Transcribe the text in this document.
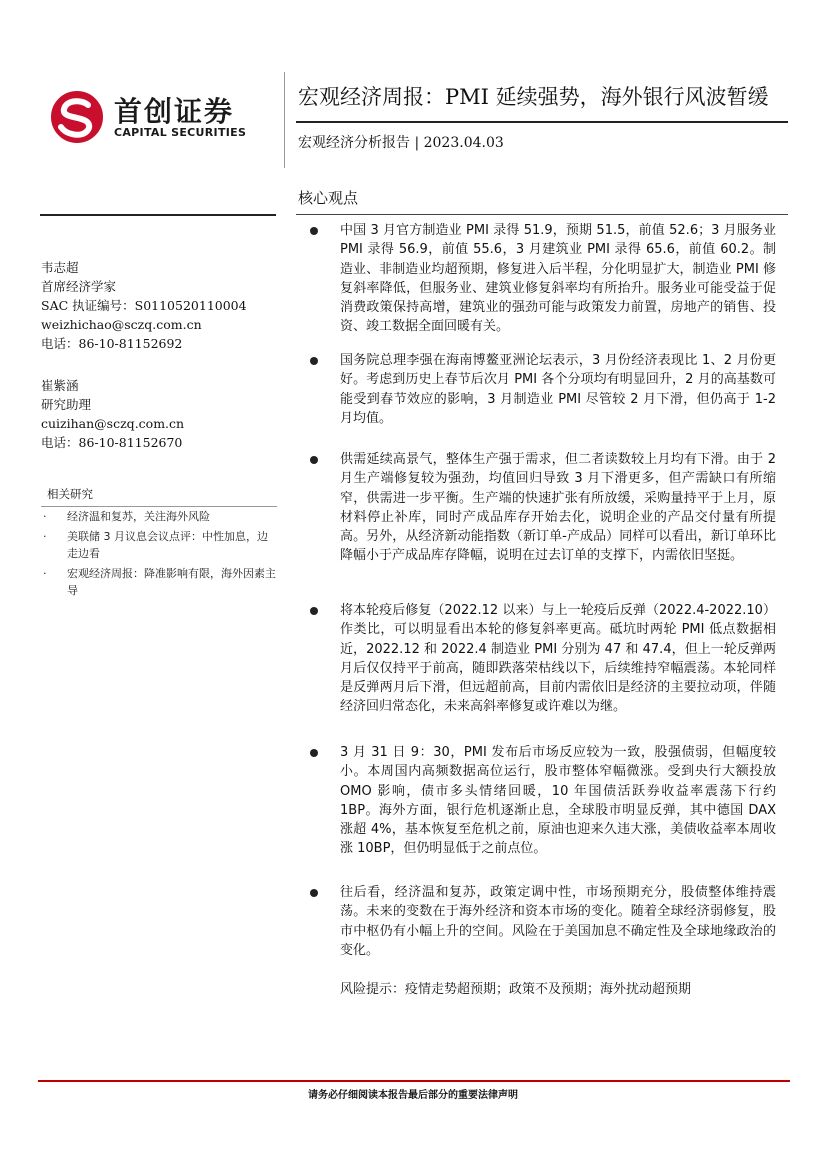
首创证券
CAPITAL SECURITIES
宏观经济周报：PMI 延续强势，海外银行风波暂缓
宏观经济分析报告 | 2023.04.03
核心观点
韦志超
首席经济学家
SAC 执证编号：S0110520110004
weizhichao@sczq.com.cn
电话：86-10-81152692
崔紫涵
研究助理
cuizihan@sczq.com.cn
电话：86-10-81152670
相关研究
· 经济温和复苏，关注海外风险
· 美联储 3 月议息会议点评：中性加息，边走边看
· 宏观经济周报：降准影响有限，海外因素主导
中国 3 月官方制造业 PMI 录得 51.9，预期 51.5，前值 52.6；3 月服务业 PMI 录得 56.9，前值 55.6，3 月建筑业 PMI 录得 65.6，前值 60.2。制造业、非制造业均超预期，修复进入后半程，分化明显扩大，制造业 PMI 修复斜率降低，但服务业、建筑业修复斜率均有所抬升。服务业可能受益于促消费政策保持高增，建筑业的强劲可能与政策发力前置，房地产的销售、投资、竣工数据全面回暖有关。
国务院总理李强在海南博鳌亚洲论坛表示，3 月份经济表现比 1、2 月份更好。考虑到历史上春节后次月 PMI 各个分项均有明显回升，2 月的高基数可能受到春节效应的影响，3 月制造业 PMI 尽管较 2 月下滑，但仍高于 1-2 月均值。
供需延续高景气，整体生产强于需求，但二者读数较上月均有下滑。由于 2 月生产端修复较为强劲，均值回归导致 3 月下滑更多，但产需缺口有所缩窄，供需进一步平衡。生产端的快速扩张有所放缓，采购量持平于上月，原材料停止补库，同时产成品库存开始去化，说明企业的产品交付量有所提高。另外，从经济新动能指数（新订单-产成品）同样可以看出，新订单环比降幅小于产成品库存降幅，说明在过去订单的支撑下，内需依旧坚挺。
将本轮疫后修复（2022.12 以来）与上一轮疫后反弹（2022.4-2022.10）作类比，可以明显看出本轮的修复斜率更高。砥坑时两轮 PMI 低点数据相近，2022.12 和 2022.4 制造业 PMI 分别为 47 和 47.4，但上一轮反弹两月后仅仅持平于前高，随即跌落荣枯线以下，后续维持窄幅震荡。本轮同样是反弹两月后下滑，但远超前高，目前内需依旧是经济的主要拉动项，伴随经济回归常态化，未来高斜率修复或许难以为继。
3 月 31 日 9：30，PMI 发布后市场反应较为一致，股强债弱，但幅度较小。本周国内高频数据高位运行，股市整体窄幅微涨。受到央行大额投放 OMO 影响，债市多头情绪回暖，10 年国债活跃券收益率震荡下行约 1BP。海外方面，银行危机逐渐止息，全球股市明显反弹，其中德国 DAX 涨超 4%，基本恢复至危机之前，原油也迎来久违大涨，美债收益率本周收涨 10BP，但仍明显低于之前点位。
往后看，经济温和复苏，政策定调中性，市场预期充分，股债整体维持震荡。未来的变数在于海外经济和资本市场的变化。随着全球经济弱修复，股市中枢仍有小幅上升的空间。风险在于美国加息不确定性及全球地缘政治的变化。
风险提示：疫情走势超预期；政策不及预期；海外扰动超预期
请务必仔细阅读本报告最后部分的重要法律声明
